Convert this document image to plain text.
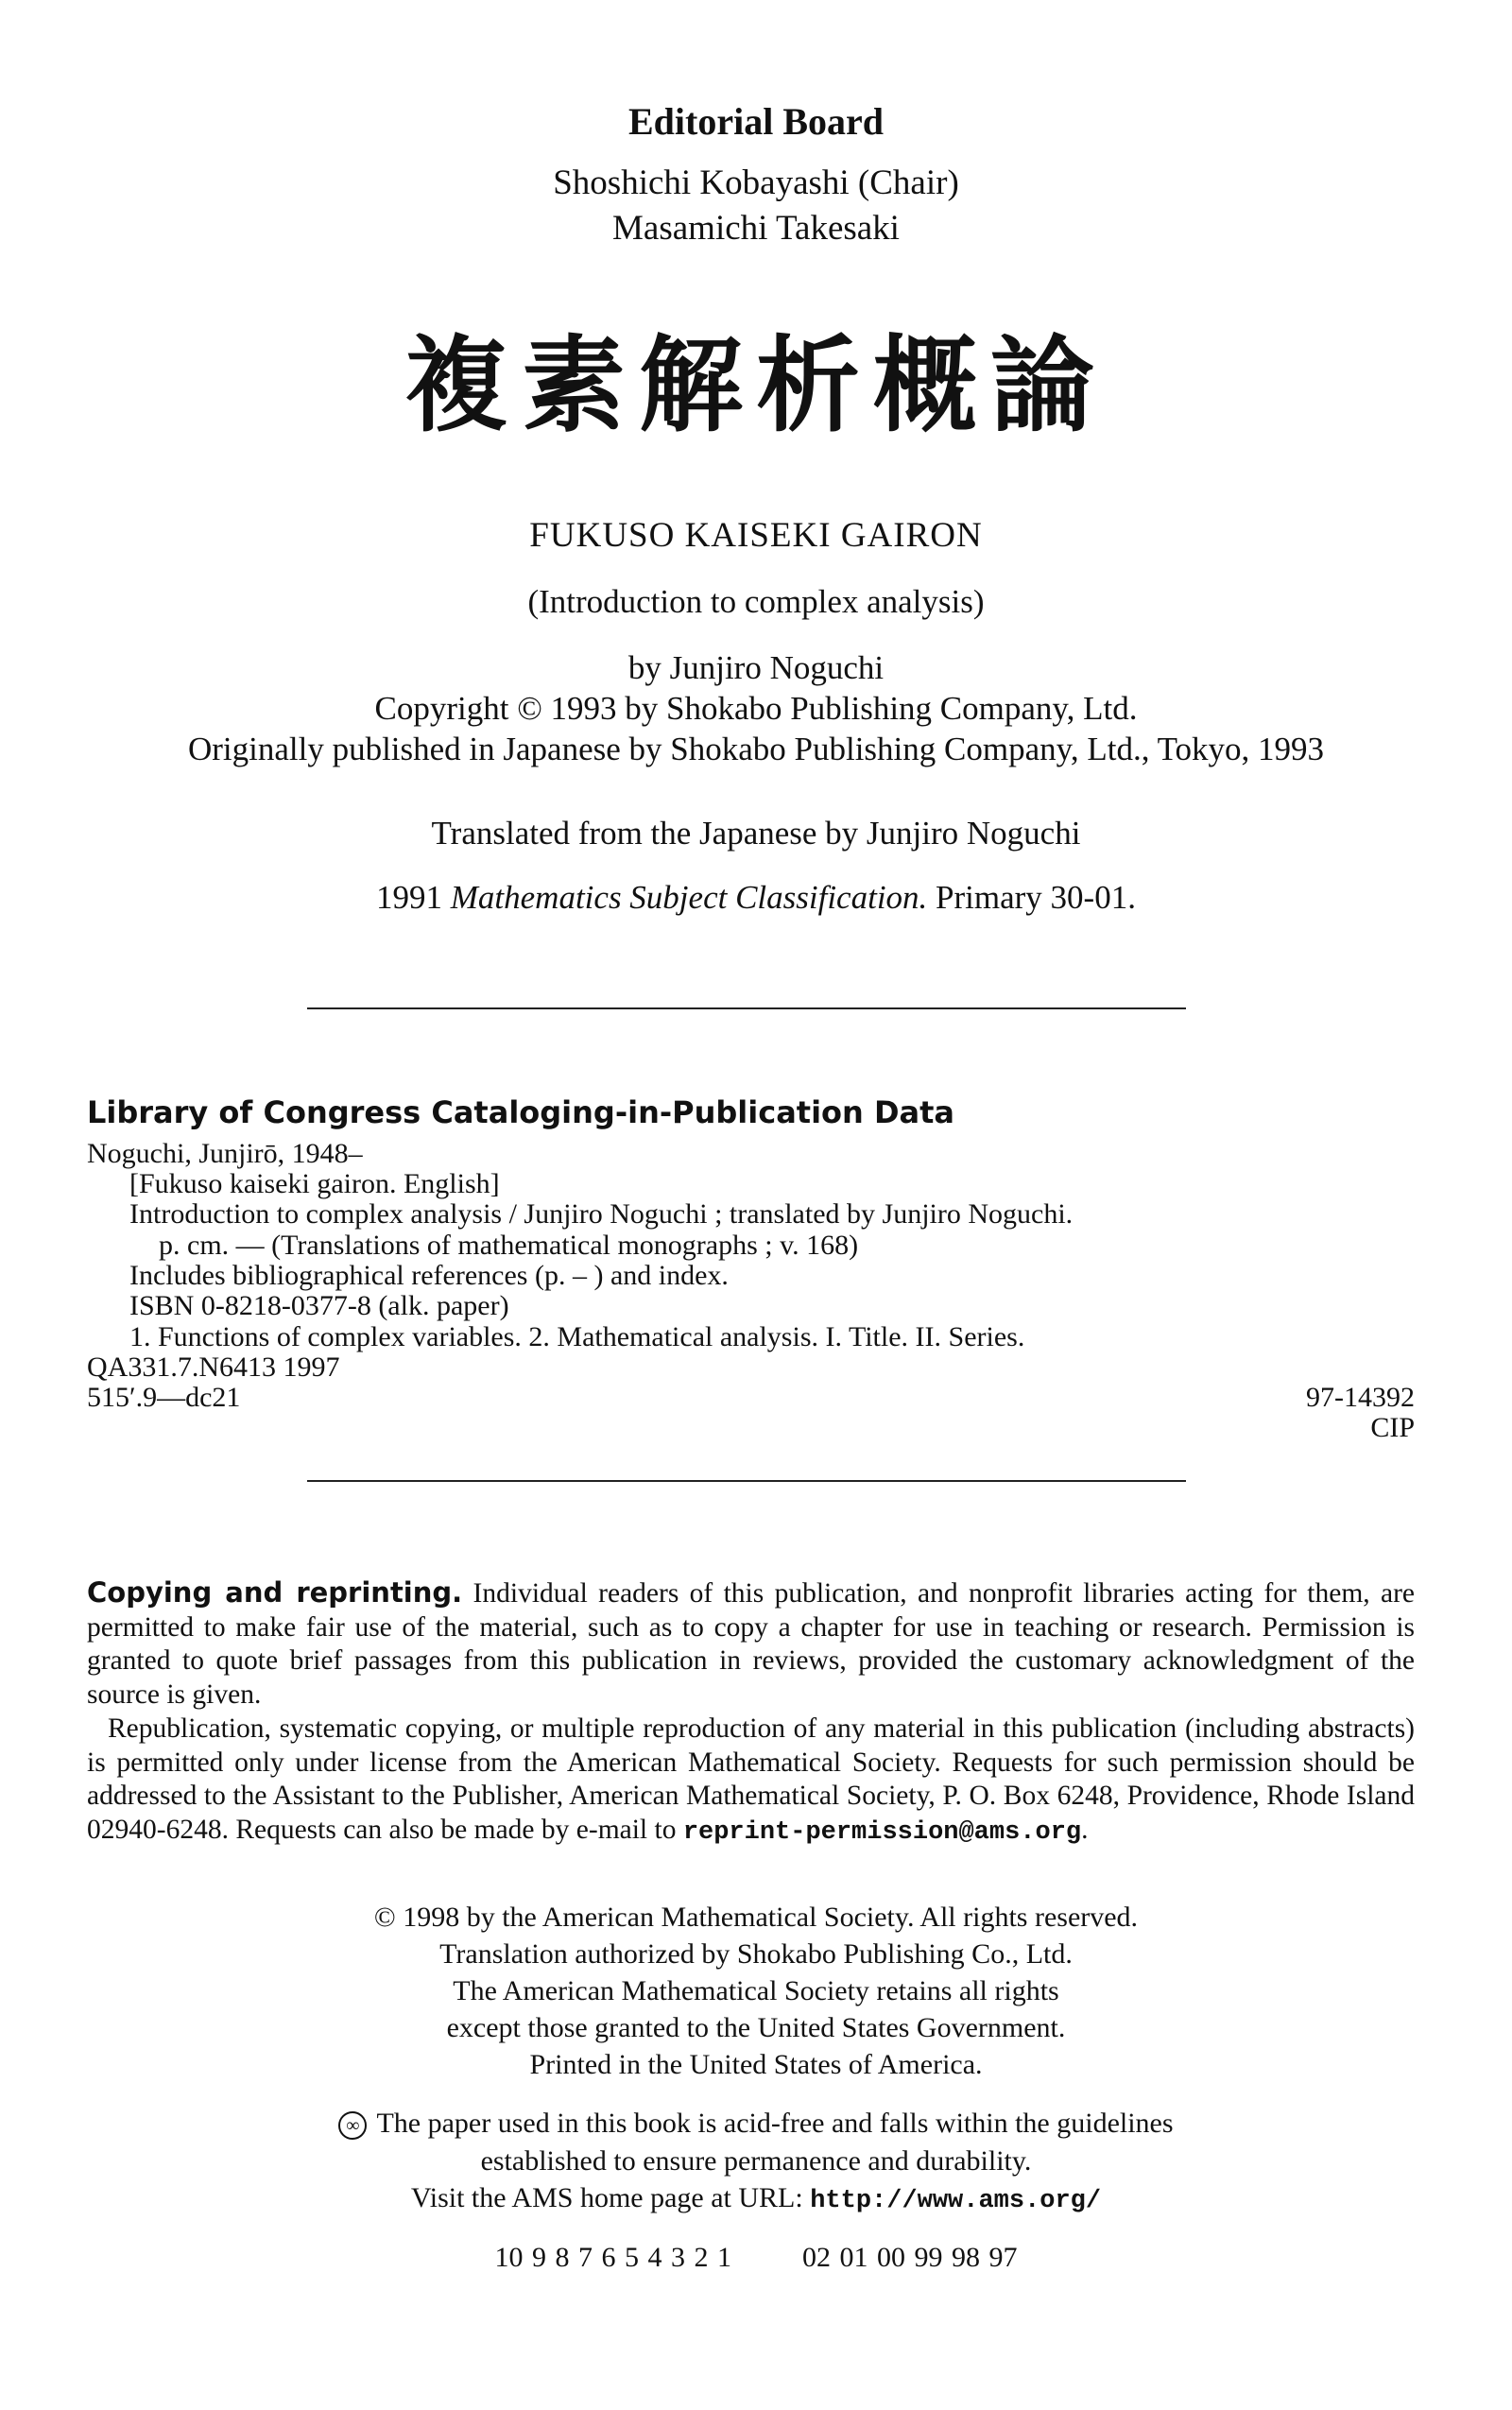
Editorial Board
Shoshichi Kobayashi (Chair)
Masamichi Takesaki
複素解析概論
FUKUSO KAISEKI GAIRON
(Introduction to complex analysis)
by Junjiro Noguchi
Copyright © 1993 by Shokabo Publishing Company, Ltd.
Originally published in Japanese by Shokabo Publishing Company, Ltd., Tokyo, 1993
Translated from the Japanese by Junjiro Noguchi
1991 Mathematics Subject Classification. Primary 30-01.
Library of Congress Cataloging-in-Publication Data
Noguchi, Junjirō, 1948–
[Fukuso kaiseki gairon. English]
Introduction to complex analysis / Junjiro Noguchi ; translated by Junjiro Noguchi.
p. cm. — (Translations of mathematical monographs ; v. 168)
Includes bibliographical references (p. – ) and index.
ISBN 0-8218-0377-8 (alk. paper)
1. Functions of complex variables. 2. Mathematical analysis. I. Title. II. Series.
QA331.7.N6413 1997
515′.9—dc21	97-14392
CIP
Copying and reprinting. Individual readers of this publication, and nonprofit libraries acting for them, are permitted to make fair use of the material, such as to copy a chapter for use in teaching or research. Permission is granted to quote brief passages from this publication in reviews, provided the customary acknowledgment of the source is given.
Republication, systematic copying, or multiple reproduction of any material in this publication (including abstracts) is permitted only under license from the American Mathematical Society. Requests for such permission should be addressed to the Assistant to the Publisher, American Mathematical Society, P. O. Box 6248, Providence, Rhode Island 02940-6248. Requests can also be made by e-mail to reprint-permission@ams.org.
© 1998 by the American Mathematical Society. All rights reserved.
Translation authorized by Shokabo Publishing Co., Ltd.
The American Mathematical Society retains all rights
except those granted to the United States Government.
Printed in the United States of America.
∞ The paper used in this book is acid-free and falls within the guidelines
established to ensure permanence and durability.
Visit the AMS home page at URL: http://www.ams.org/
10 9 8 7 6 5 4 3 2 1	02 01 00 99 98 97
